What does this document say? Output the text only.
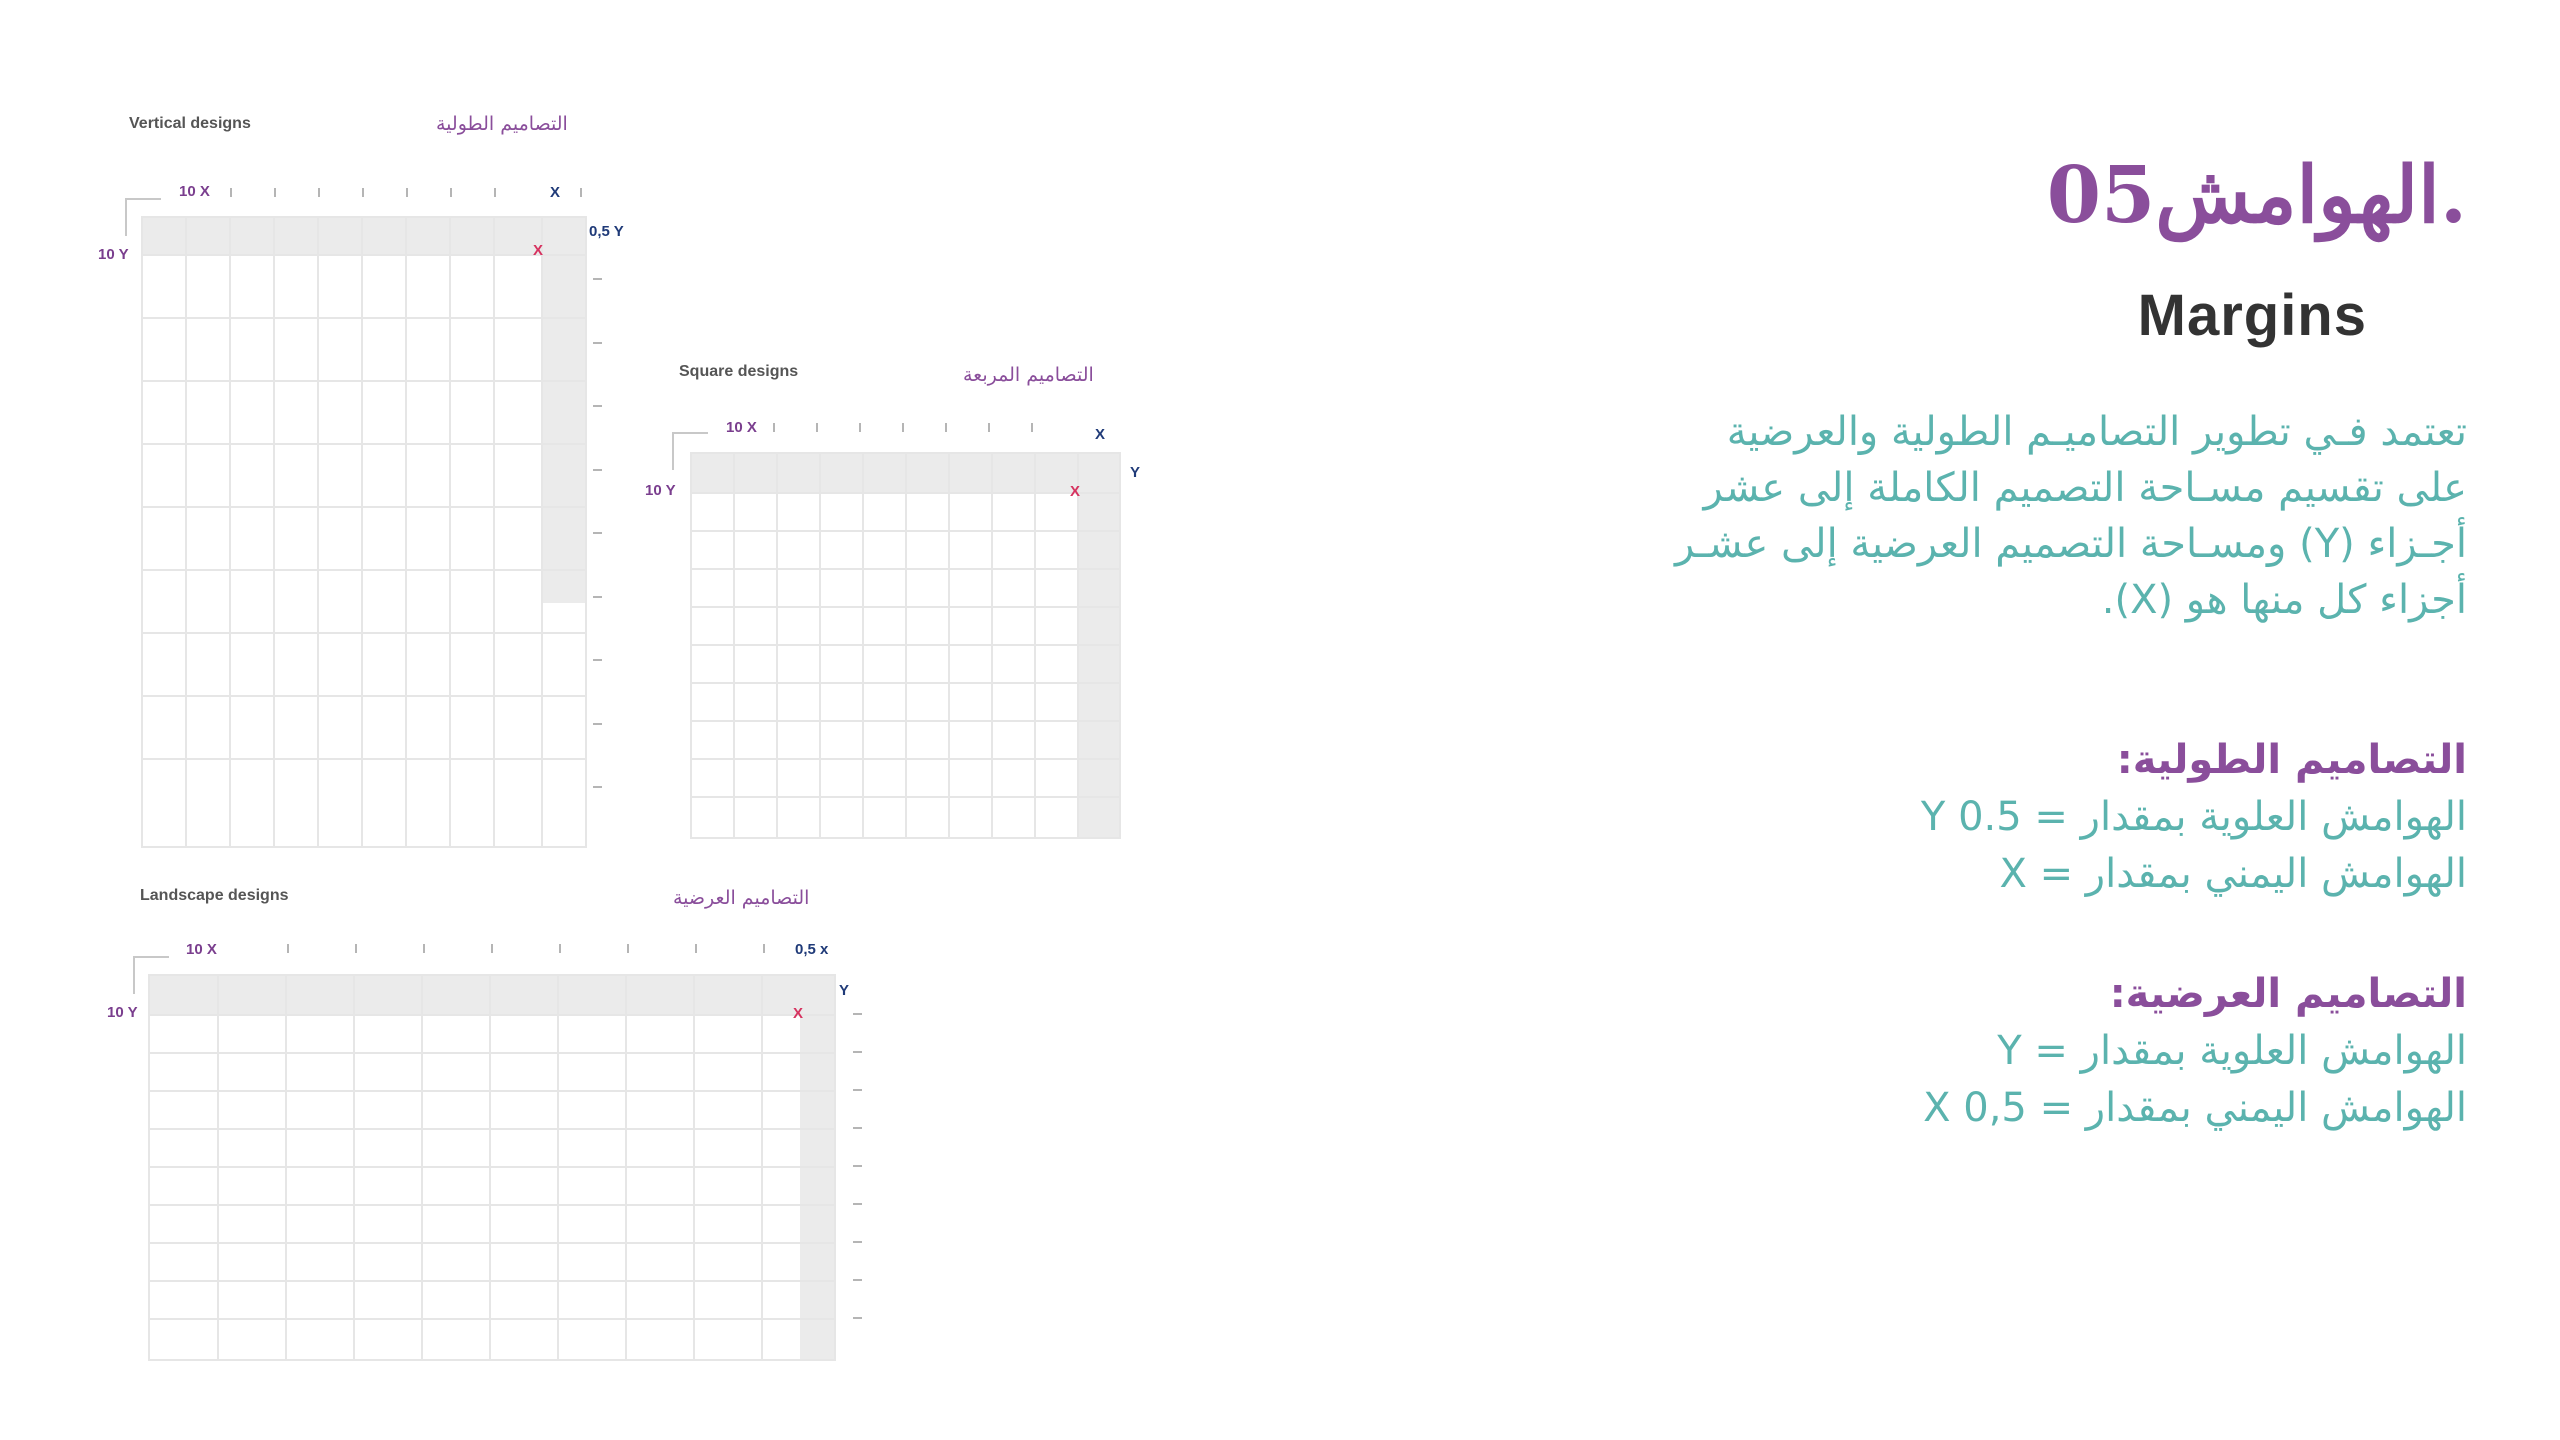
الهوامش05.
Margins

تعتمد فـي تطوير التصاميـم الطولية والعرضية

على تقسيم مسـاحة التصميم الكاملة إلى عشر

أجـزاء (Y) ومسـاحة التصميم العرضية إلى عشـر

أجزاء كل منها هو (X).

التصاميم الطولية:
الهوامش العلوية بمقدار = Y 0.5
الهوامش اليمني بمقدار = X
التصاميم العرضية:
الهوامش العلوية بمقدار = Y
الهوامش اليمني بمقدار = X 0,5
Vertical designs	التصاميم الطولية
10 X	X
10 Y
0,5 Y
X
Square designs	التصاميم المربعة
10 X	X
10 Y
Y
X
Landscape designs	التصاميم العرضية
10 X	0,5 x
10 Y
Y
X
